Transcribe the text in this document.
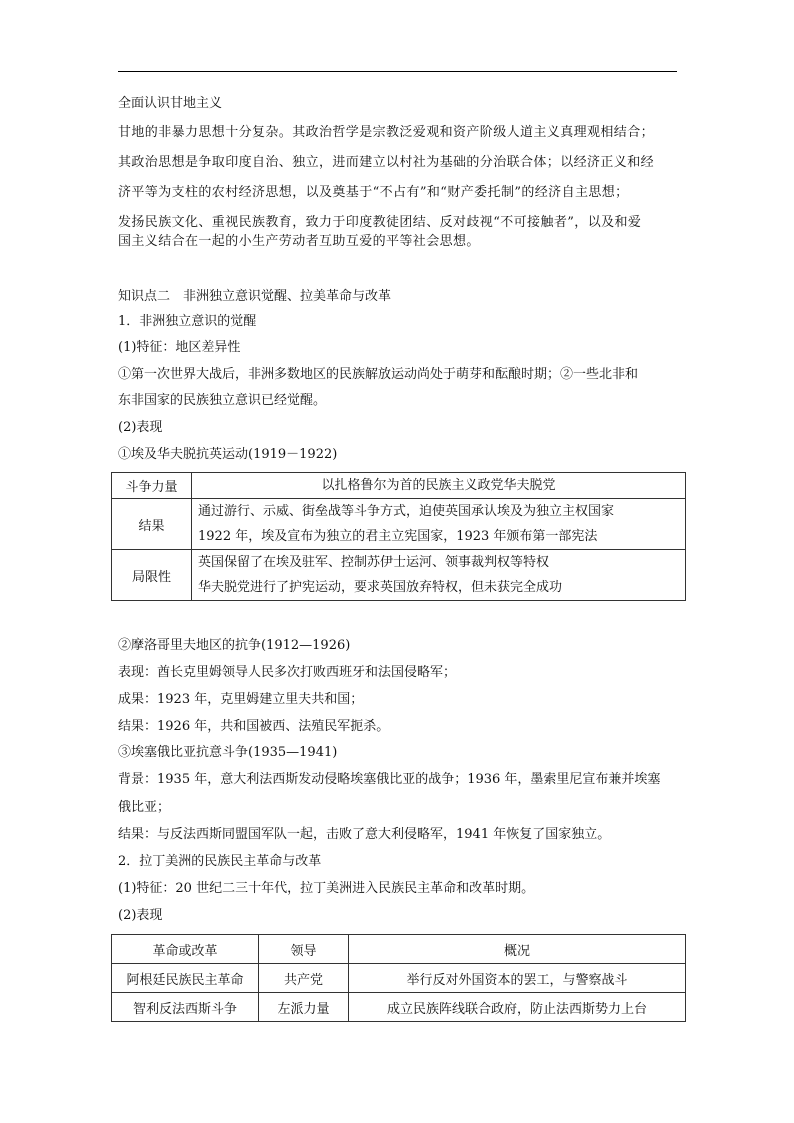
全面认识甘地主义
甘地的非暴力思想十分复杂。其政治哲学是宗教泛爱观和资产阶级人道主义真理观相结合；
其政治思想是争取印度自治、独立，进而建立以村社为基础的分治联合体；以经济正义和经
济平等为支柱的农村经济思想，以及奠基于“不占有”和“财产委托制”的经济自主思想；
发扬民族文化、重视民族教育，致力于印度教徒团结、反对歧视“不可接触者”，以及和爱
国主义结合在一起的小生产劳动者互助互爱的平等社会思想。
知识点二　非洲独立意识觉醒、拉美革命与改革
1．非洲独立意识的觉醒
(1)特征：地区差异性
①第一次世界大战后，非洲多数地区的民族解放运动尚处于萌芽和酝酿时期；②一些北非和
东非国家的民族独立意识已经觉醒。
(2)表现
①埃及华夫脱抗英运动(1919－1922)
斗争力量	以扎格鲁尔为首的民族主义政党华夫脱党

结果	通过游行、示威、街垒战等斗争方式，迫使英国承认埃及为独立主权国家
1922 年，埃及宣布为独立的君主立宪国家，1923 年颁布第一部宪法

局限性	英国保留了在埃及驻军、控制苏伊士运河、领事裁判权等特权
华夫脱党进行了护宪运动，要求英国放弃特权，但未获完全成功
②摩洛哥里夫地区的抗争(1912—1926)
表现：酋长克里姆领导人民多次打败西班牙和法国侵略军；
成果：1923 年，克里姆建立里夫共和国；
结果：1926 年，共和国被西、法殖民军扼杀。
③埃塞俄比亚抗意斗争(1935—1941)
背景：1935 年，意大利法西斯发动侵略埃塞俄比亚的战争；1936 年，墨索里尼宣布兼并埃塞
俄比亚；
结果：与反法西斯同盟国军队一起，击败了意大利侵略军，1941 年恢复了国家独立。
2．拉丁美洲的民族民主革命与改革
(1)特征：20 世纪二三十年代，拉丁美洲进入民族民主革命和改革时期。
(2)表现
革命或改革	领导	概况
阿根廷民族民主革命	共产党	举行反对外国资本的罢工，与警察战斗
智利反法西斯斗争	左派力量	成立民族阵线联合政府，防止法西斯势力上台
